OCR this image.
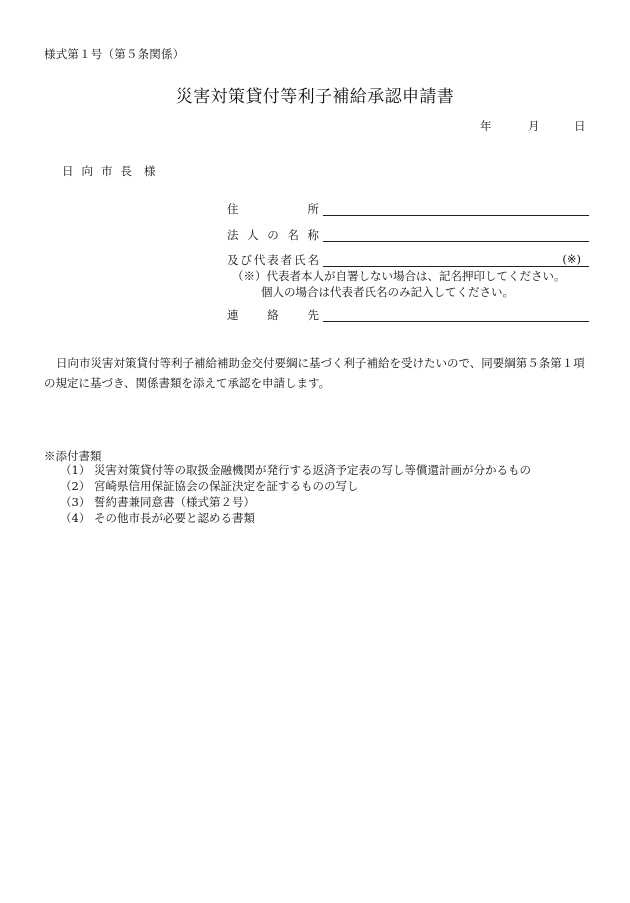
様式第１号（第５条関係）
災害対策貸付等利子補給承認申請書
年	月	日
日向市長 様
住所
法人の名称
及び代表者氏名	(※)
（※）代表者本人が自署しない場合は、記名押印してください。
個人の場合は代表者氏名のみ記入してください。
連絡先
日向市災害対策貸付等利子補給補助金交付要綱に基づく利子補給を受けたいので、同要綱第５条第１項の規定に基づき、関係書類を添えて承認を申請します。
※添付書類
（1） 災害対策貸付等の取扱金融機関が発行する返済予定表の写し等償還計画が分かるもの
（2） 宮崎県信用保証協会の保証決定を証するものの写し
（3） 誓約書兼同意書（様式第２号）
（4） その他市長が必要と認める書類
